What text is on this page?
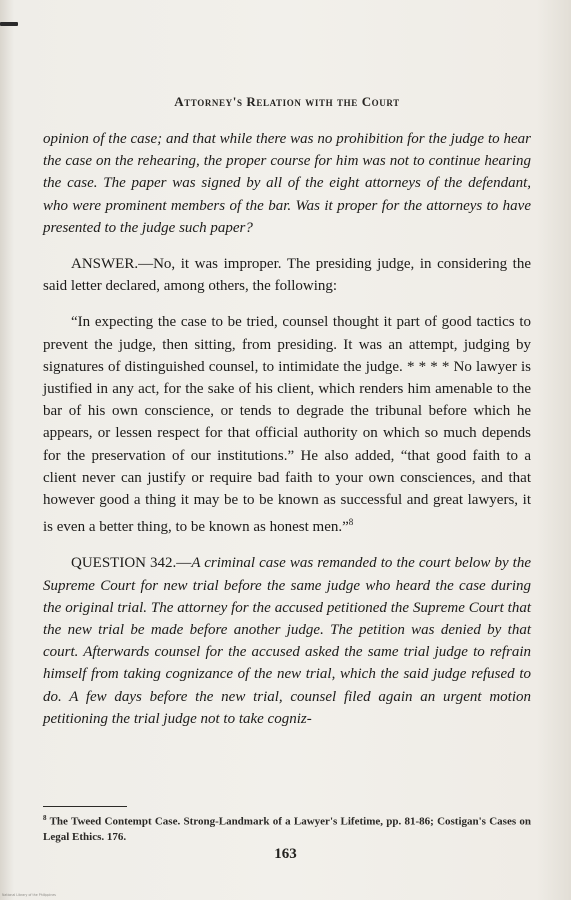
Attorney's Relation with the Court

opinion of the case; and that while there was no prohibition for the judge to hear the case on the rehearing, the proper course for him was not to continue hearing the case. The paper was signed by all of the eight attorneys of the defendant, who were prominent members of the bar. Was it proper for the attorneys to have presented to the judge such paper?

ANSWER.—No, it was improper. The presiding judge, in considering the said letter declared, among others, the following:

“In expecting the case to be tried, counsel thought it part of good tactics to prevent the judge, then sitting, from presiding. It was an attempt, judging by signatures of distinguished counsel, to intimidate the judge. * * * * No lawyer is justified in any act, for the sake of his client, which renders him amenable to the bar of his own conscience, or tends to degrade the tribunal before which he appears, or lessen respect for that official authority on which so much depends for the preservation of our institutions.” He also added, “that good faith to a client never can justify or require bad faith to your own consciences, and that however good a thing it may be to be known as successful and great lawyers, it is even a better thing, to be known as honest men.”$^8$

QUESTION 342.—A criminal case was remanded to the court below by the Supreme Court for new trial before the same judge who heard the case during the original trial. The attorney for the accused petitioned the Supreme Court that the new trial be made before another judge. The petition was denied by that court. Afterwards counsel for the accused asked the same trial judge to refrain himself from taking cognizance of the new trial, which the said judge refused to do. A few days before the new trial, counsel filed again an urgent motion petitioning the trial judge not to take cogniz-

$^8$ The Tweed Contempt Case. Strong-Landmark of a Lawyer's Lifetime, pp. 81-86; Costigan's Cases on Legal Ethics. 176.

163
National Library of the Philippines
